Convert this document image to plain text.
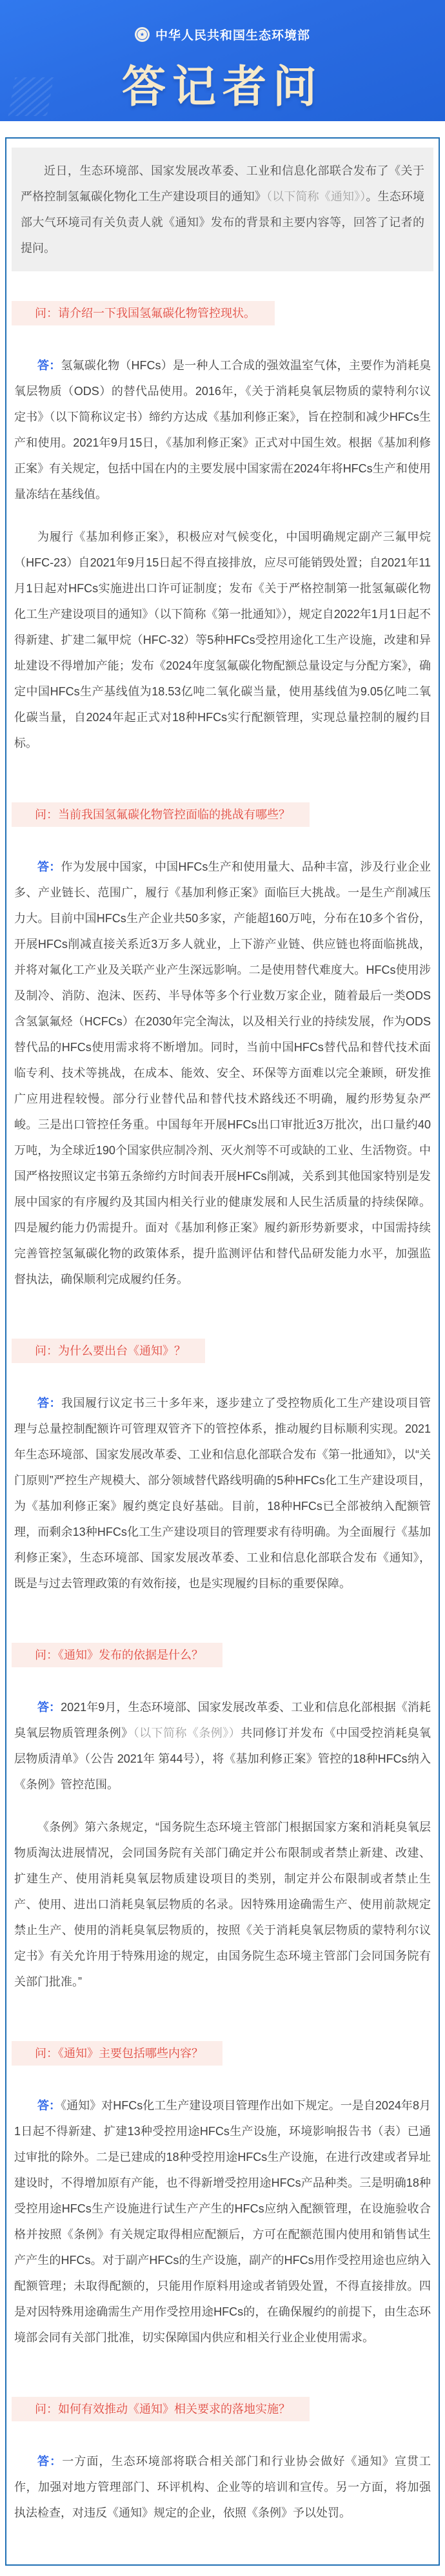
★ 中华人民共和国生态环境部
答记者问

近日，生态环境部、国家发展改革委、工业和信息化部联合发布了《关于严格控制氢氟碳化物化工生产建设项目的通知》（以下简称《通知》）。生态环境部大气环境司有关负责人就《通知》发布的背景和主要内容等，回答了记者的提问。

问：请介绍一下我国氢氟碳化物管控现状。

答：氢氟碳化物（HFCs）是一种人工合成的强效温室气体，主要作为消耗臭氧层物质（ODS）的替代品使用。2016年，《关于消耗臭氧层物质的蒙特利尔议定书》（以下简称议定书）缔约方达成《基加利修正案》，旨在控制和减少HFCs生产和使用。2021年9月15日，《基加利修正案》正式对中国生效。根据《基加利修正案》有关规定，包括中国在内的主要发展中国家需在2024年将HFCs生产和使用量冻结在基线值。

为履行《基加利修正案》，积极应对气候变化，中国明确规定副产三氟甲烷（HFC-23）自2021年9月15日起不得直接排放，应尽可能销毁处置；自2021年11月1日起对HFCs实施进出口许可证制度；发布《关于严格控制第一批氢氟碳化物化工生产建设项目的通知》（以下简称《第一批通知》），规定自2022年1月1日起不得新建、扩建二氟甲烷（HFC-32）等5种HFCs受控用途化工生产设施，改建和异址建设不得增加产能；发布《2024年度氢氟碳化物配额总量设定与分配方案》，确定中国HFCs生产基线值为18.53亿吨二氧化碳当量，使用基线值为9.05亿吨二氧化碳当量，自2024年起正式对18种HFCs实行配额管理，实现总量控制的履约目标。

问：当前我国氢氟碳化物管控面临的挑战有哪些？

答：作为发展中国家，中国HFCs生产和使用量大、品种丰富，涉及行业企业多、产业链长、范围广，履行《基加利修正案》面临巨大挑战。一是生产削减压力大。目前中国HFCs生产企业共50多家，产能超160万吨，分布在10多个省份，开展HFCs削减直接关系近3万多人就业，上下游产业链、供应链也将面临挑战，并将对氟化工产业及关联产业产生深远影响。二是使用替代难度大。HFCs使用涉及制冷、消防、泡沫、医药、半导体等多个行业数万家企业，随着最后一类ODS含氢氯氟烃（HCFCs）在2030年完全淘汰，以及相关行业的持续发展，作为ODS替代品的HFCs使用需求将不断增加。同时，当前中国HFCs替代品和替代技术面临专利、技术等挑战，在成本、能效、安全、环保等方面难以完全兼顾，研发推广应用进程较慢。部分行业替代品和替代技术路线还不明确，履约形势复杂严峻。三是出口管控任务重。中国每年开展HFCs出口审批近3万批次，出口量约40万吨，为全球近190个国家供应制冷剂、灭火剂等不可或缺的工业、生活物资。中国严格按照议定书第五条缔约方时间表开展HFCs削减，关系到其他国家特别是发展中国家的有序履约及其国内相关行业的健康发展和人民生活质量的持续保障。四是履约能力仍需提升。面对《基加利修正案》履约新形势新要求，中国需持续完善管控氢氟碳化物的政策体系，提升监测评估和替代品研发能力水平，加强监督执法，确保顺利完成履约任务。

问：为什么要出台《通知》？

答：我国履行议定书三十多年来，逐步建立了受控物质化工生产建设项目管理与总量控制配额许可管理双管齐下的管控体系，推动履约目标顺利实现。2021年生态环境部、国家发展改革委、工业和信息化部联合发布《第一批通知》，以“关门原则”严控生产规模大、部分领域替代路线明确的5种HFCs化工生产建设项目，为《基加利修正案》履约奠定良好基础。目前，18种HFCs已全部被纳入配额管理，而剩余13种HFCs化工生产建设项目的管理要求有待明确。为全面履行《基加利修正案》，生态环境部、国家发展改革委、工业和信息化部联合发布《通知》，既是与过去管理政策的有效衔接，也是实现履约目标的重要保障。

问：《通知》发布的依据是什么？

答：2021年9月，生态环境部、国家发展改革委、工业和信息化部根据《消耗臭氧层物质管理条例》（以下简称《条例》）共同修订并发布《中国受控消耗臭氧层物质清单》（公告 2021年 第44号），将《基加利修正案》管控的18种HFCs纳入《条例》管控范围。

《条例》第六条规定，“国务院生态环境主管部门根据国家方案和消耗臭氧层物质淘汰进展情况，会同国务院有关部门确定并公布限制或者禁止新建、改建、扩建生产、使用消耗臭氧层物质建设项目的类别，制定并公布限制或者禁止生产、使用、进出口消耗臭氧层物质的名录。因特殊用途确需生产、使用前款规定禁止生产、使用的消耗臭氧层物质的，按照《关于消耗臭氧层物质的蒙特利尔议定书》有关允许用于特殊用途的规定，由国务院生态环境主管部门会同国务院有关部门批准。”

问：《通知》主要包括哪些内容？

答：《通知》对HFCs化工生产建设项目管理作出如下规定。一是自2024年8月1日起不得新建、扩建13种受控用途HFCs生产设施，环境影响报告书（表）已通过审批的除外。二是已建成的18种受控用途HFCs生产设施，在进行改建或者异址建设时，不得增加原有产能，也不得新增受控用途HFCs产品种类。三是明确18种受控用途HFCs生产设施进行试生产产生的HFCs应纳入配额管理，在设施验收合格并按照《条例》有关规定取得相应配额后，方可在配额范围内使用和销售试生产产生的HFCs。对于副产HFCs的生产设施，副产的HFCs用作受控用途也应纳入配额管理；未取得配额的，只能用作原料用途或者销毁处置，不得直接排放。四是对因特殊用途确需生产用作受控用途HFCs的，在确保履约的前提下，由生态环境部会同有关部门批准，切实保障国内供应和相关行业企业使用需求。

问：如何有效推动《通知》相关要求的落地实施？

答：一方面，生态环境部将联合相关部门和行业协会做好《通知》宣贯工作，加强对地方管理部门、环评机构、企业等的培训和宣传。另一方面，将加强执法检查，对违反《通知》规定的企业，依照《条例》予以处罚。
